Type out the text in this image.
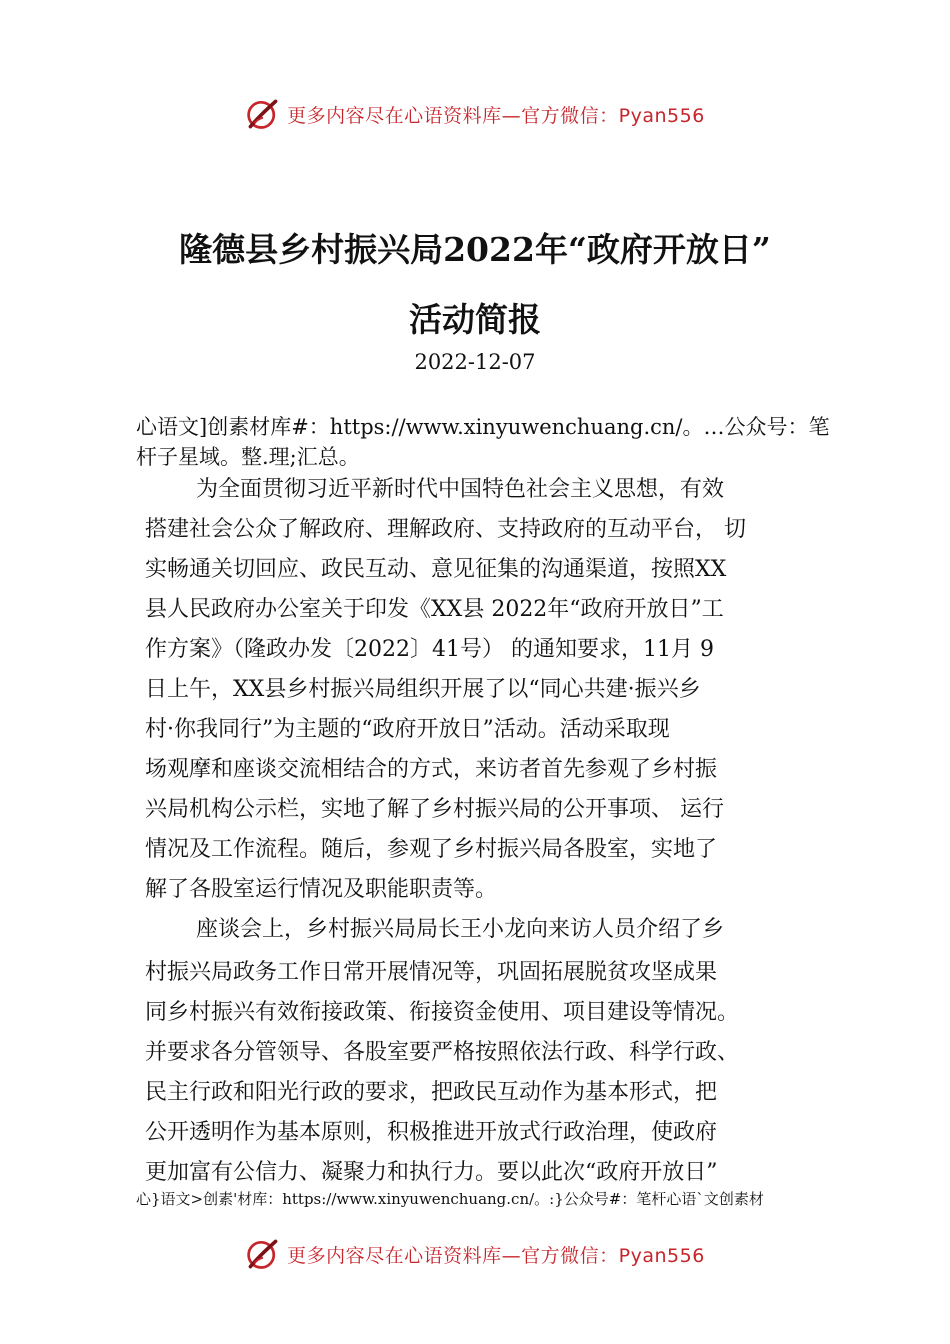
更多内容尽在心语资料库—官方微信：Pyan556
隆德县乡村振兴局2022年“政府开放日”
活动简报
2022-12-07
心语文]创素材库#：https://www.xinyuwenchuang.cn/。…公众号：笔杆子星域。整.理;汇总。
为全面贯彻习近平新时代中国特色社会主义思想，有效
搭建社会公众了解政府、理解政府、支持政府的互动平台， 切
实畅通关切回应、政民互动、意见征集的沟通渠道，按照XX
县人民政府办公室关于印发《XX县 2022年“政府开放日”工
作方案》（隆政办发〔2022〕41号） 的通知要求，11月 9
日上午，XX县乡村振兴局组织开展了以“同心共建·振兴乡
村·你我同行”为主题的“政府开放日”活动。活动采取现
场观摩和座谈交流相结合的方式，来访者首先参观了乡村振
兴局机构公示栏，实地了解了乡村振兴局的公开事项、 运行
情况及工作流程。随后，参观了乡村振兴局各股室，实地了
解了各股室运行情况及职能职责等。
座谈会上，乡村振兴局局长王小龙向来访人员介绍了乡
村振兴局政务工作日常开展情况等，巩固拓展脱贫攻坚成果
同乡村振兴有效衔接政策、衔接资金使用、项目建设等情况。
并要求各分管领导、各股室要严格按照依法行政、科学行政、
民主行政和阳光行政的要求，把政民互动作为基本形式，把
公开透明作为基本原则，积极推进开放式行政治理，使政府
更加富有公信力、凝聚力和执行力。要以此次“政府开放日”
心}语文>创素'材库：https://www.xinyuwenchuang.cn/。:}公众号#：笔杆心语`文创素材
更多内容尽在心语资料库—官方微信：Pyan556
